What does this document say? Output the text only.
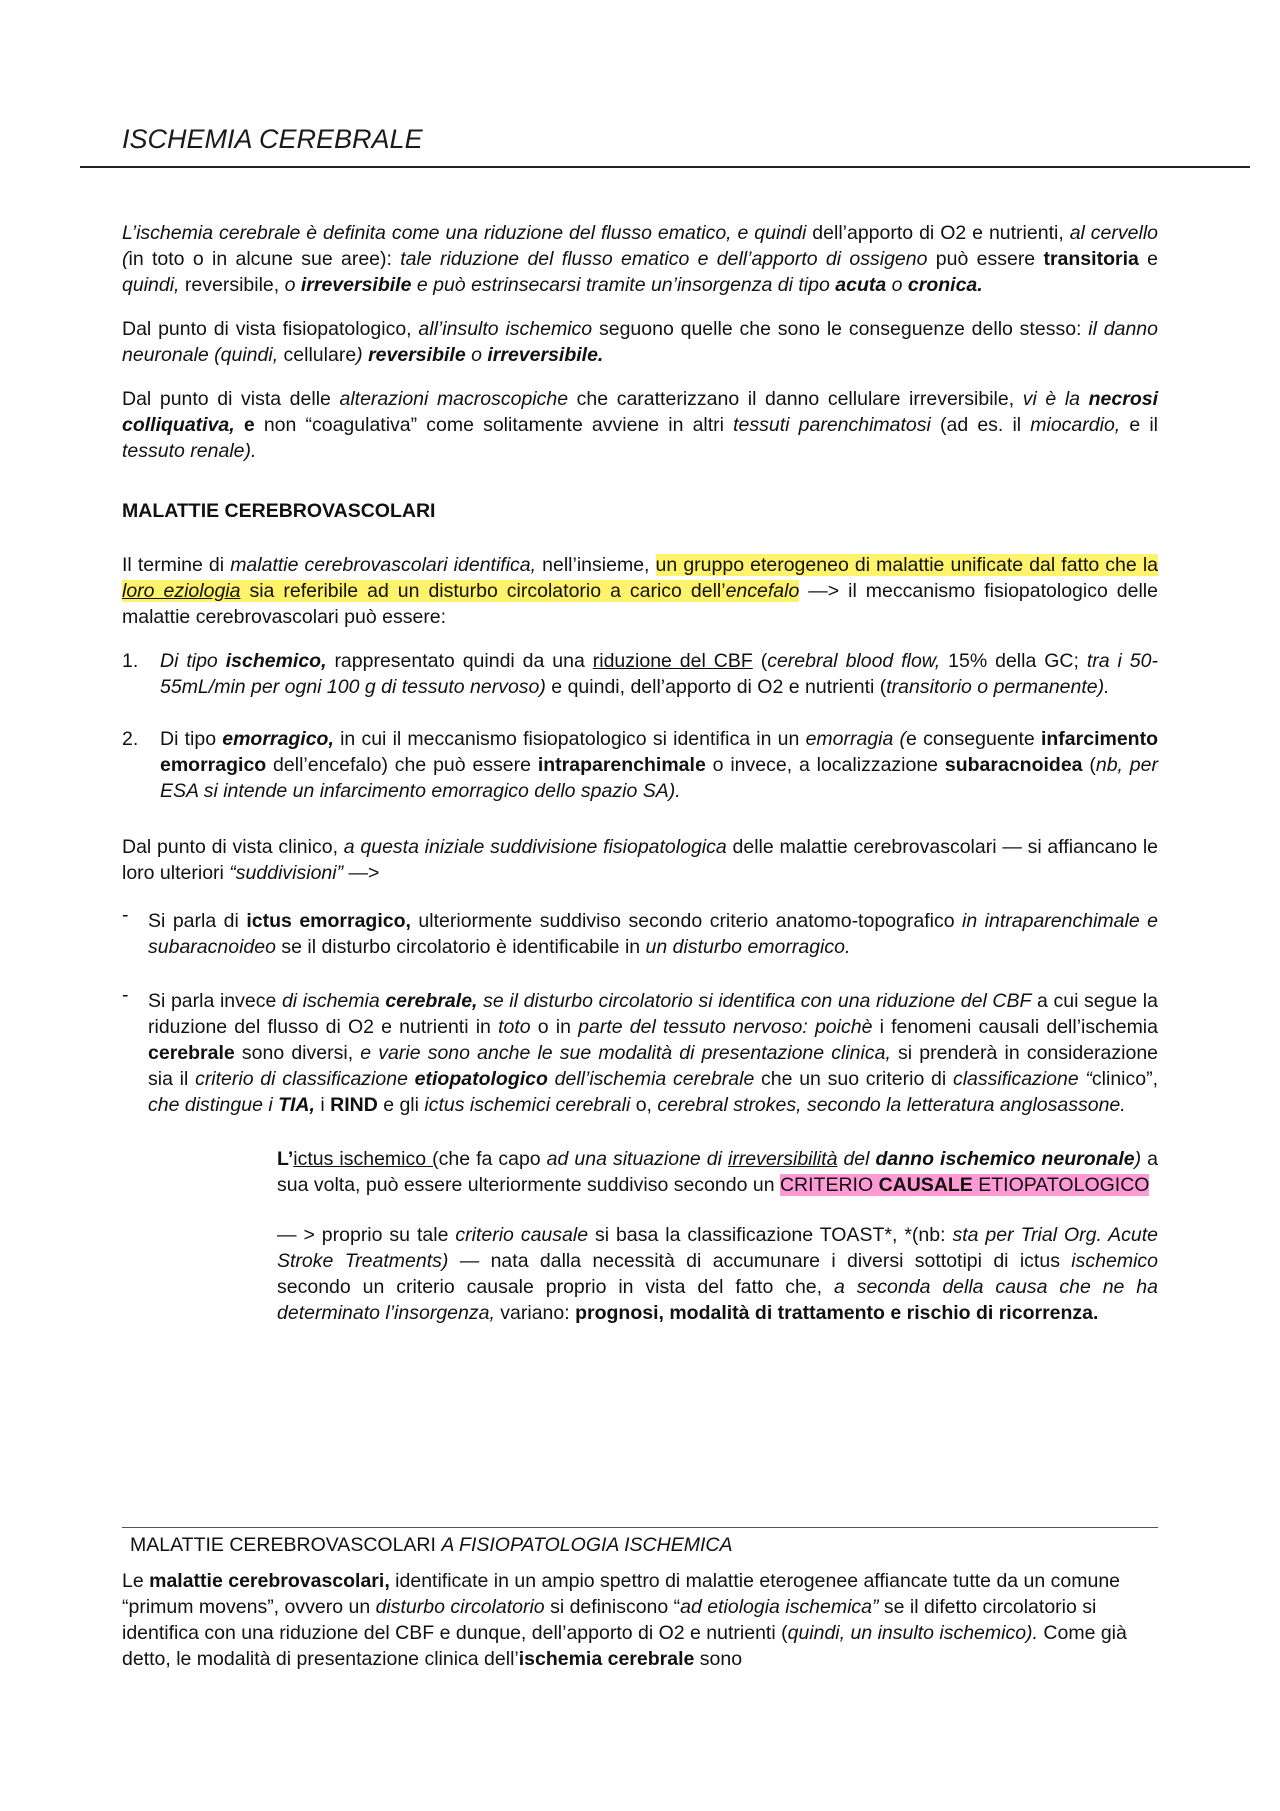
ISCHEMIA CEREBRALE

L’ischemia cerebrale è definita come una riduzione del flusso ematico, e quindi dell’apporto di O2 e nutrienti, al cervello (in toto o in alcune sue aree): tale riduzione del flusso ematico e dell’apporto di ossigeno può essere transitoria e quindi, reversibile, o irreversibile e può estrinsecarsi tramite un’insorgenza di tipo acuta o cronica.

Dal punto di vista fisiopatologico, all’insulto ischemico seguono quelle che sono le conseguenze dello stesso: il danno neuronale (quindi, cellulare) reversibile o irreversibile.

Dal punto di vista delle alterazioni macroscopiche che caratterizzano il danno cellulare irreversibile, vi è la necrosi colliquativa, e non “coagulativa” come solitamente avviene in altri tessuti parenchimatosi (ad es. il miocardio, e il tessuto renale).

MALATTIE CEREBROVASCOLARI

Il termine di malattie cerebrovascolari identifica, nell’insieme, un gruppo eterogeneo di malattie unificate dal fatto che la loro eziologia sia referibile ad un disturbo circolatorio a carico dell’encefalo —> il meccanismo fisiopatologico delle malattie cerebrovascolari può essere:

1. Di tipo ischemico, rappresentato quindi da una riduzione del CBF (cerebral blood flow, 15% della GC; tra i 50-55mL/min per ogni 100 g di tessuto nervoso) e quindi, dell’apporto di O2 e nutrienti (transitorio o permanente).
2. Di tipo emorragico, in cui il meccanismo fisiopatologico si identifica in un emorragia (e conseguente infarcimento emorragico dell’encefalo) che può essere intraparenchimale o invece, a localizzazione subaracnoidea (nb, per ESA si intende un infarcimento emorragico dello spazio SA).

Dal punto di vista clinico, a questa iniziale suddivisione fisiopatologica delle malattie cerebrovascolari — si affiancano le loro ulteriori “suddivisioni” —>

- Si parla di ictus emorragico, ulteriormente suddiviso secondo criterio anatomo-topografico in intraparenchimale e subaracnoideo se il disturbo circolatorio è identificabile in un disturbo emorragico.
- Si parla invece di ischemia cerebrale, se il disturbo circolatorio si identifica con una riduzione del CBF a cui segue la riduzione del flusso di O2 e nutrienti in toto o in parte del tessuto nervoso: poichè i fenomeni causali dell’ischemia cerebrale sono diversi, e varie sono anche le sue modalità di presentazione clinica, si prenderà in considerazione sia il criterio di classificazione etiopatologico dell’ischemia cerebrale che un suo criterio di classificazione “clinico”, che distingue i TIA, i RIND e gli ictus ischemici cerebrali o, cerebral strokes, secondo la letteratura anglosassone.

L’ictus ischemico (che fa capo ad una situazione di irreversibilità del danno ischemico neuronale) a sua volta, può essere ulteriormente suddiviso secondo un CRITERIO CAUSALE ETIOPATOLOGICO

— > proprio su tale criterio causale si basa la classificazione TOAST*, *(nb: sta per Trial Org. Acute Stroke Treatments) — nata dalla necessità di accumunare i diversi sottotipi di ictus ischemico secondo un criterio causale proprio in vista del fatto che, a seconda della causa che ne ha determinato l’insorgenza, variano: prognosi, modalità di trattamento e rischio di ricorrenza.

MALATTIE CEREBROVASCOLARI A FISIOPATOLOGIA ISCHEMICA

Le malattie cerebrovascolari, identificate in un ampio spettro di malattie eterogenee affiancate tutte da un comune “primum movens”, ovvero un disturbo circolatorio si definiscono “ad etiologia ischemica” se il difetto circolatorio si identifica con una riduzione del CBF e dunque, dell’apporto di O2 e nutrienti (quindi, un insulto ischemico). Come già detto, le modalità di presentazione clinica dell’ischemia cerebrale sono
